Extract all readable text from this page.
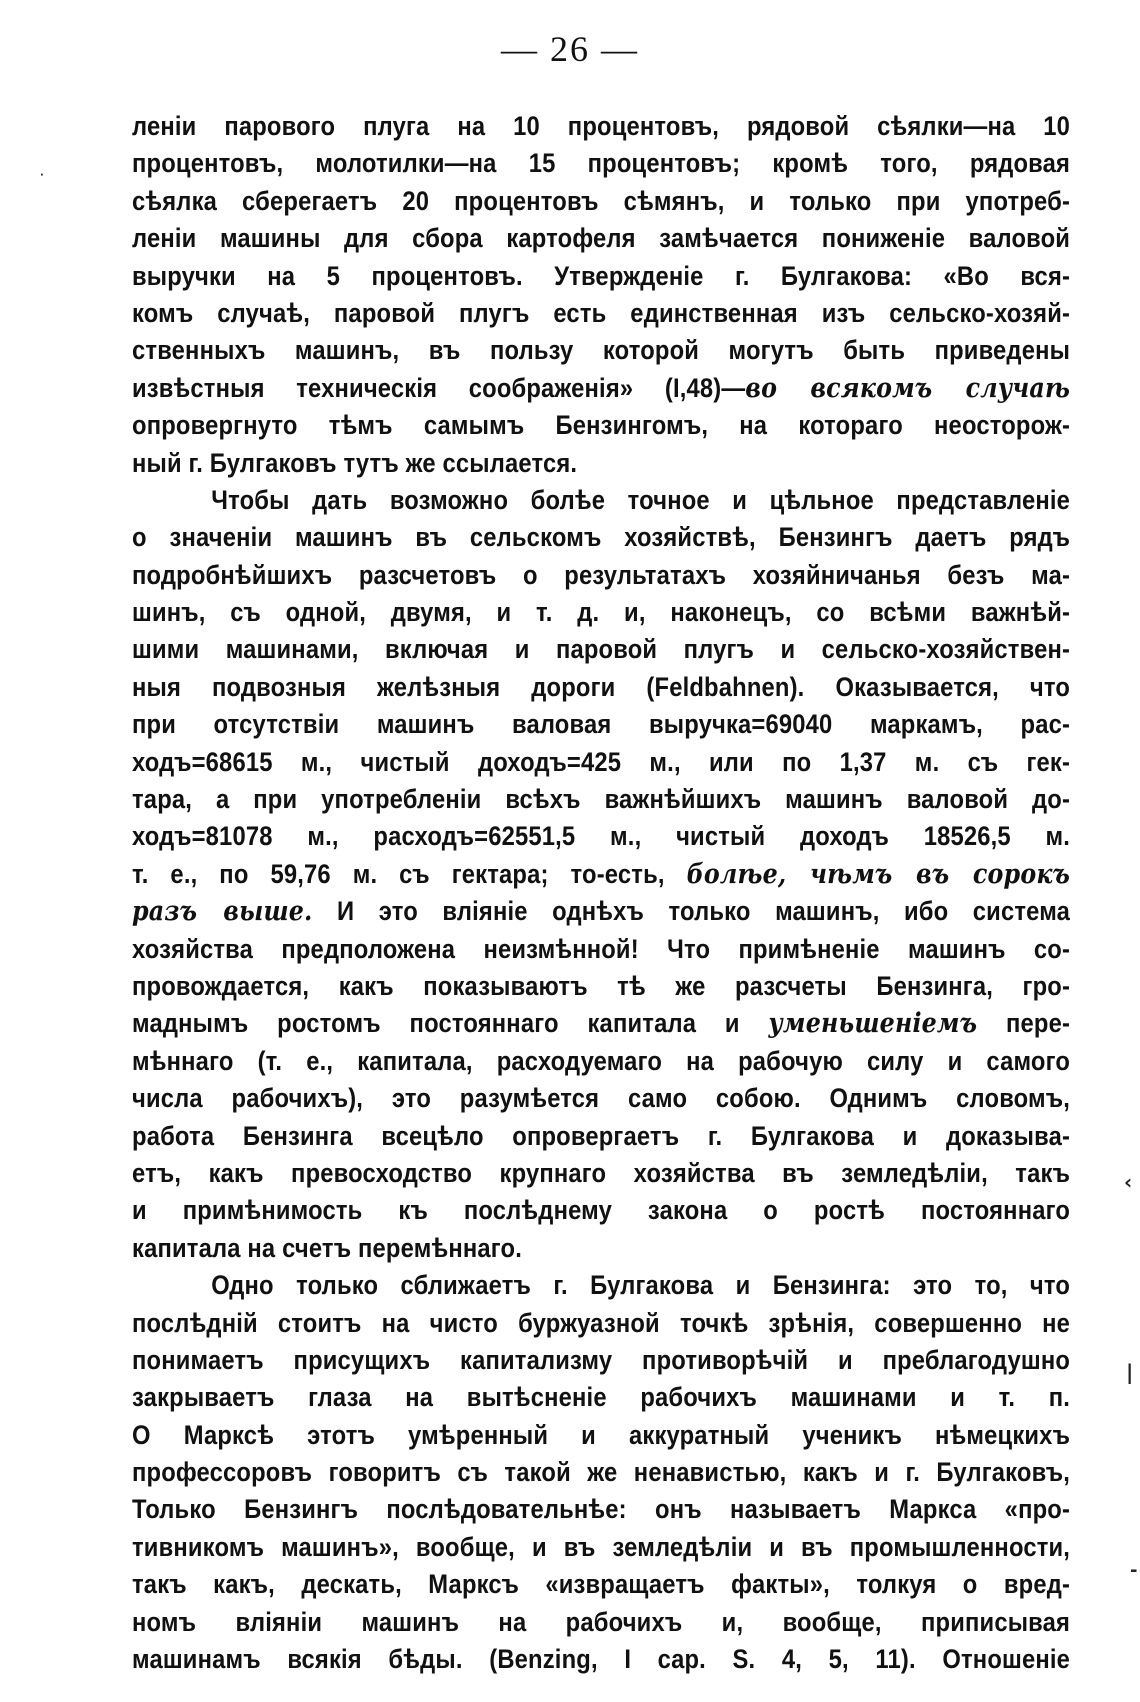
— 26 —
леніи парового плуга на 10 процентовъ, рядовой сѣялки—на 10
процентовъ, молотилки—на 15 процентовъ; кромѣ того, рядовая
сѣялка сберегаетъ 20 процентовъ сѣмянъ, и только при употреб-
леніи машины для сбора картофеля замѣчается пониженіе валовой
выручки на 5 процентовъ. Утвержденіе г. Булгакова: «Во вся-
комъ случаѣ, паровой плугъ есть единственная изъ сельско-хозяй-
ственныхъ машинъ, въ пользу которой могутъ быть приведены
извѣстныя техническія соображенія» (I,48)—во всякомъ случаѣ
опровергнуто тѣмъ самымъ Бензингомъ, на котораго неосторож-
ный г. Булгаковъ тутъ же ссылается.
Чтобы дать возможно болѣе точное и цѣльное представленіе
о значеніи машинъ въ сельскомъ хозяйствѣ, Бензингъ даетъ рядъ
подробнѣйшихъ разсчетовъ о результатахъ хозяйничанья безъ ма-
шинъ, съ одной, двумя, и т. д. и, наконецъ, со всѣми важнѣй-
шими машинами, включая и паровой плугъ и сельско-хозяйствен-
ныя подвозныя желѣзныя дороги (Feldbahnen). Оказывается, что
при отсутствіи машинъ валовая выручка=69040 маркамъ, рас-
ходъ=68615 м., чистый доходъ=425 м., или по 1,37 м. съ гек-
тара, а при употребленіи всѣхъ важнѣйшихъ машинъ валовой до-
ходъ=81078 м., расходъ=62551,5 м., чистый доходъ 18526,5 м.
т. е., по 59,76 м. съ гектара; то-есть, болѣе, чѣмъ въ сорокъ
разъ выше. И это вліяніе однѣхъ только машинъ, ибо система
хозяйства предположена неизмѣнной! Что примѣненіе машинъ со-
провождается, какъ показываютъ тѣ же разсчеты Бензинга, гро-
маднымъ ростомъ постояннаго капитала и уменьшеніемъ пере-
мѣннаго (т. е., капитала, расходуемаго на рабочую силу и самого
числа рабочихъ), это разумѣется само собою. Однимъ словомъ,
работа Бензинга всецѣло опровергаетъ г. Булгакова и доказыва-
етъ, какъ превосходство крупнаго хозяйства въ земледѣліи, такъ
и примѣнимость къ послѣднему закона о ростѣ постояннаго
капитала на счетъ перемѣннаго.
Одно только сближаетъ г. Булгакова и Бензинга: это то, что
послѣдній стоитъ на чисто буржуазной точкѣ зрѣнія, совершенно не
понимаетъ присущихъ капитализму противорѣчій и преблагодушно
закрываетъ глаза на вытѣсненіе рабочихъ машинами и т. п.
О Марксѣ этотъ умѣренный и аккуратный ученикъ нѣмецкихъ
профессоровъ говоритъ съ такой же ненавистью, какъ и г. Булгаковъ,
Только Бензингъ послѣдовательнѣе: онъ называетъ Маркса «про-
тивникомъ машинъ», вообще, и въ земледѣліи и въ промышленности,
такъ какъ, дескать, Марксъ «извращаетъ факты», толкуя о вред-
номъ вліяніи машинъ на рабочихъ и, вообще, приписывая
машинамъ всякія бѣды. (Benzing, I cap. S. 4, 5, 11). Отношеніе
·
‹
|
-
